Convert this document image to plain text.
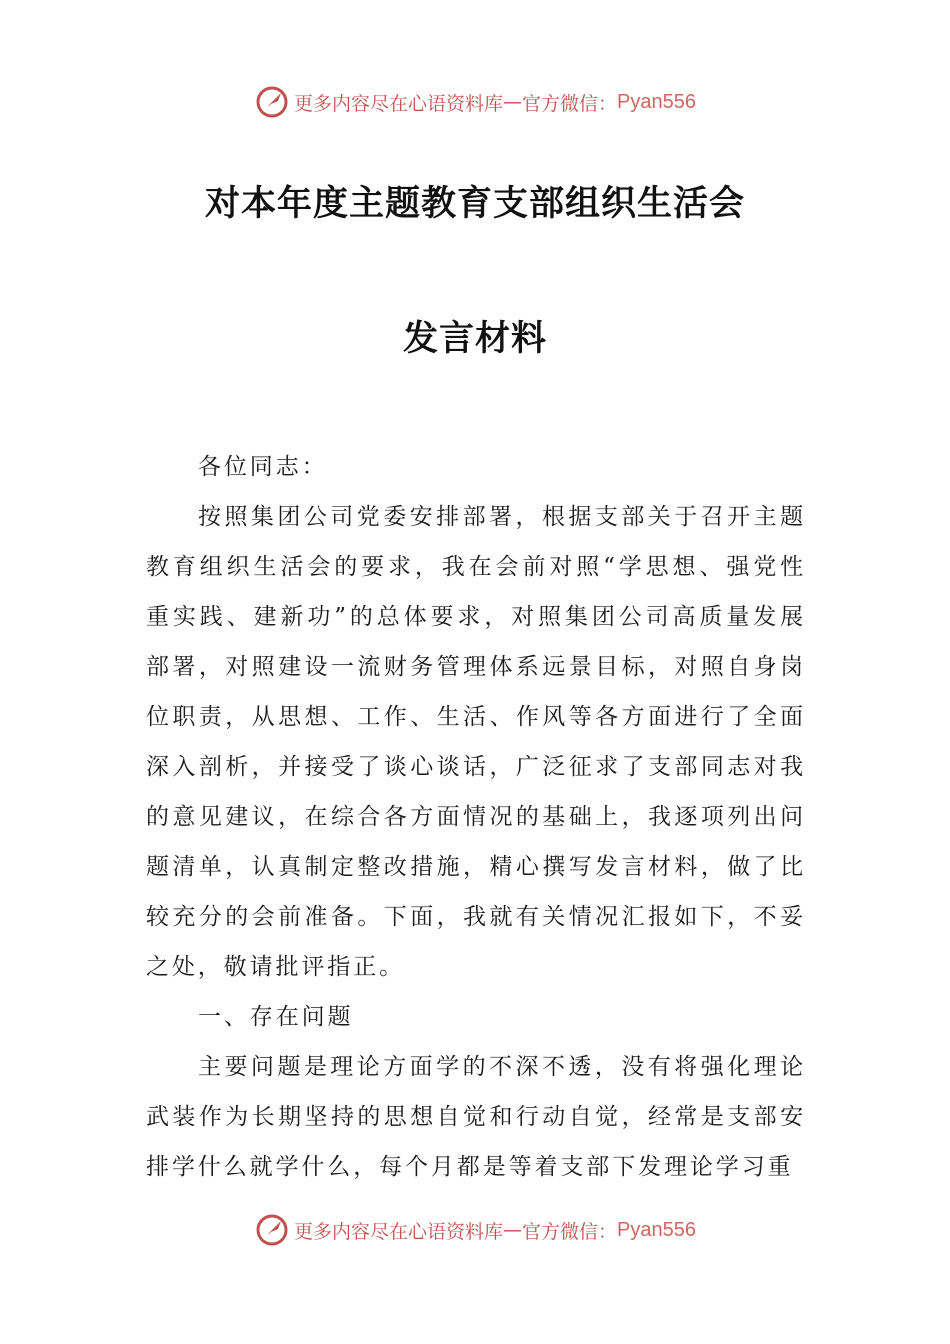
更多内容尽在心语资料库 — 官方微信： Pyan556
对本年度主题教育支部组织生活会
发言材料

各位同志：

按照集团公司党委安排部署，根据支部关于召开主题教育组织生活会的要求，我在会前对照“学思想、强党性重实践、建新功”的总体要求，对照集团公司高质量发展部署，对照建设一流财务管理体系远景目标，对照自身岗位职责，从思想、工作、生活、作风等各方面进行了全面深入剖析，并接受了谈心谈话，广泛征求了支部同志对我的意见建议，在综合各方面情况的基础上，我逐项列出问题清单，认真制定整改措施，精心撰写发言材料，做了比较充分的会前准备。下面，我就有关情况汇报如下，不妥之处，敬请批评指正。

一、存在问题

主要问题是理论方面学的不深不透，没有将强化理论武装作为长期坚持的思想自觉和行动自觉，经常是支部安排学什么就学什么，每个月都是等着支部下发理论学习重

更多内容尽在心语资料库 — 官方微信： Pyan556
